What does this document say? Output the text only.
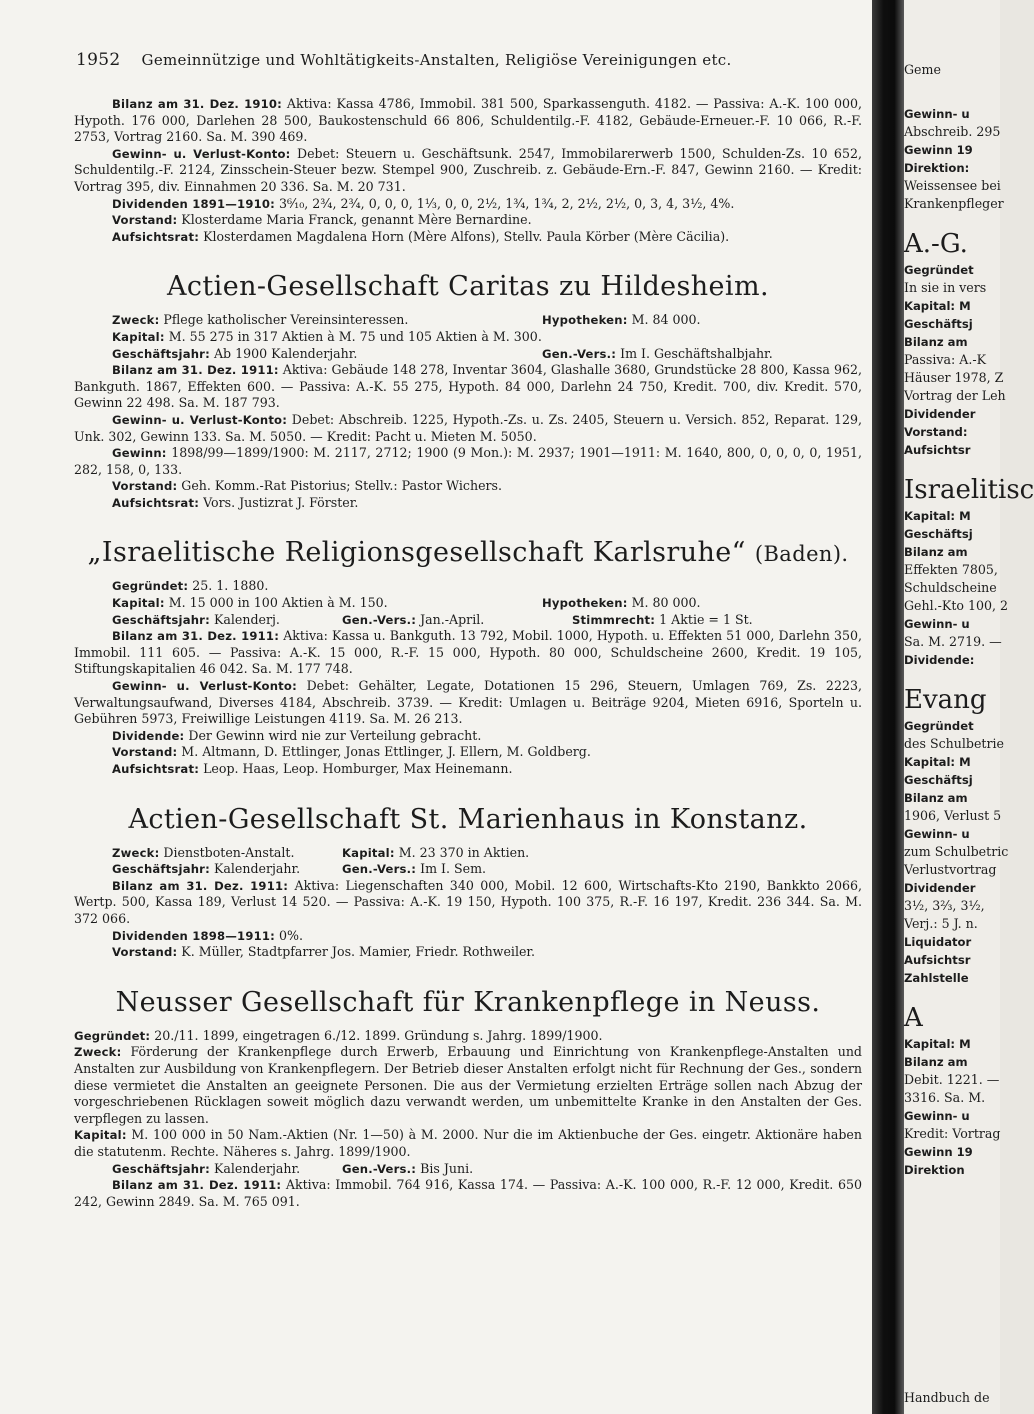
1952 Gemeinnützige und Wohltätigkeits-Anstalten, Religiöse Vereinigungen etc.

Bilanz am 31. Dez. 1910: Aktiva: Kassa 4786, Immobil. 381 500, Sparkassenguth. 4182. — Passiva: A.-K. 100 000, Hypoth. 176 000, Darlehen 28 500, Baukostenschuld 66 806, Schuldentilg.-F. 4182, Gebäude-Erneuer.-F. 10 066, R.-F. 2753, Vortrag 2160. Sa. M. 390 469.

Gewinn- u. Verlust-Konto: Debet: Steuern u. Geschäftsunk. 2547, Immobilarerwerb 1500, Schulden-Zs. 10 652, Schuldentilg.-F. 2124, Zinsschein-Steuer bezw. Stempel 900, Zuschreib. z. Gebäude-Ern.-F. 847, Gewinn 2160. — Kredit: Vortrag 395, div. Einnahmen 20 336. Sa. M. 20 731.

Dividenden 1891—1910: 3⁶⁄₁₀, 2³⁄₄, 2³⁄₄, 0, 0, 0, 1¹⁄₃, 0, 0, 2¹⁄₂, 1³⁄₄, 1³⁄₄, 2, 2¹⁄₂, 2¹⁄₂, 0, 3, 4, 3¹⁄₂, 4%.

Vorstand: Klosterdame Maria Franck, genannt Mère Bernardine.

Aufsichtsrat: Klosterdamen Magdalena Horn (Mère Alfons), Stellv. Paula Körber (Mère Cäcilia).

Actien-Gesellschaft Caritas zu Hildesheim.
Zweck: Pflege katholischer Vereinsinteressen.	Hypotheken: M. 84 000.

Kapital: M. 55 275 in 317 Aktien à M. 75 und 105 Aktien à M. 300.

Geschäftsjahr: Ab 1900 Kalenderjahr.	Gen.-Vers.: Im I. Geschäftshalbjahr.

Bilanz am 31. Dez. 1911: Aktiva: Gebäude 148 278, Inventar 3604, Glashalle 3680, Grundstücke 28 800, Kassa 962, Bankguth. 1867, Effekten 600. — Passiva: A.-K. 55 275, Hypoth. 84 000, Darlehn 24 750, Kredit. 700, div. Kredit. 570, Gewinn 22 498. Sa. M. 187 793.

Gewinn- u. Verlust-Konto: Debet: Abschreib. 1225, Hypoth.-Zs. u. Zs. 2405, Steuern u. Versich. 852, Reparat. 129, Unk. 302, Gewinn 133. Sa. M. 5050. — Kredit: Pacht u. Mieten M. 5050.

Gewinn: 1898/99—1899/1900: M. 2117, 2712; 1900 (9 Mon.): M. 2937; 1901—1911: M. 1640, 800, 0, 0, 0, 0, 1951, 282, 158, 0, 133.

Vorstand: Geh. Komm.-Rat Pistorius; Stellv.: Pastor Wichers.

Aufsichtsrat: Vors. Justizrat J. Förster.

„Israelitische Religionsgesellschaft Karlsruhe“ (Baden).

Gegründet: 25. 1. 1880.

Kapital: M. 15 000 in 100 Aktien à M. 150.	Hypotheken: M. 80 000.
Geschäftsjahr: Kalenderj.	Gen.-Vers.: Jan.-April.	Stimmrecht: 1 Aktie = 1 St.

Bilanz am 31. Dez. 1911: Aktiva: Kassa u. Bankguth. 13 792, Mobil. 1000, Hypoth. u. Effekten 51 000, Darlehn 350, Immobil. 111 605. — Passiva: A.-K. 15 000, R.-F. 15 000, Hypoth. 80 000, Schuldscheine 2600, Kredit. 19 105, Stiftungskapitalien 46 042. Sa. M. 177 748.

Gewinn- u. Verlust-Konto: Debet: Gehälter, Legate, Dotationen 15 296, Steuern, Umlagen 769, Zs. 2223, Verwaltungsaufwand, Diverses 4184, Abschreib. 3739. — Kredit: Umlagen u. Beiträge 9204, Mieten 6916, Sporteln u. Gebühren 5973, Freiwillige Leistungen 4119. Sa. M. 26 213.

Dividende: Der Gewinn wird nie zur Verteilung gebracht.

Vorstand: M. Altmann, D. Ettlinger, Jonas Ettlinger, J. Ellern, M. Goldberg.

Aufsichtsrat: Leop. Haas, Leop. Homburger, Max Heinemann.

Actien-Gesellschaft St. Marienhaus in Konstanz.
Zweck: Dienstboten-Anstalt.	Kapital: M. 23 370 in Aktien.
Geschäftsjahr: Kalenderjahr.	Gen.-Vers.: Im I. Sem.

Bilanz am 31. Dez. 1911: Aktiva: Liegenschaften 340 000, Mobil. 12 600, Wirtschafts-Kto 2190, Bankkto 2066, Wertp. 500, Kassa 189, Verlust 14 520. — Passiva: A.-K. 19 150, Hypoth. 100 375, R.-F. 16 197, Kredit. 236 344. Sa. M. 372 066.

Dividenden 1898—1911: 0%.

Vorstand: K. Müller, Stadtpfarrer Jos. Mamier, Friedr. Rothweiler.

Neusser Gesellschaft für Krankenpflege in Neuss.

Gegründet: 20./11. 1899, eingetragen 6./12. 1899. Gründung s. Jahrg. 1899/1900.

Zweck: Förderung der Krankenpflege durch Erwerb, Erbauung und Einrichtung von Krankenpflege-Anstalten und Anstalten zur Ausbildung von Krankenpflegern. Der Betrieb dieser Anstalten erfolgt nicht für Rechnung der Ges., sondern diese vermietet die Anstalten an geeignete Personen. Die aus der Vermietung erzielten Erträge sollen nach Abzug der vorgeschriebenen Rücklagen soweit möglich dazu verwandt werden, um unbemittelte Kranke in den Anstalten der Ges. verpflegen zu lassen.

Kapital: M. 100 000 in 50 Nam.-Aktien (Nr. 1—50) à M. 2000. Nur die im Aktienbuche der Ges. eingetr. Aktionäre haben die statutenm. Rechte. Näheres s. Jahrg. 1899/1900.

Geschäftsjahr: Kalenderjahr.	Gen.-Vers.: Bis Juni.

Bilanz am 31. Dez. 1911: Aktiva: Immobil. 764 916, Kassa 174. — Passiva: A.-K. 100 000, R.-F. 12 000, Kredit. 650 242, Gewinn 2849. Sa. M. 765 091.

Geme
Gewinn- u
Abschreib. 295
Gewinn 19
Direktion:
Weissensee bei
Krankenpfleger
A.-G.
Gegründet
In sie in vers
Kapital: M
Geschäftsj
Bilanz am
Passiva: A.-K
Häuser 1978, Z
Vortrag der Leh
Dividender
Vorstand:
Aufsichtsr
Israelitisc
Kapital: M
Geschäftsj
Bilanz am
Effekten 7805,
Schuldscheine
Gehl.-Kto 100, 2
Gewinn- u
Sa. M. 2719. —
Dividende:
Evang
Gegründet
des Schulbetrie
Kapital: M
Geschäftsj
Bilanz am
1906, Verlust 5
Gewinn- u
zum Schulbetric
Verlustvortrag
Dividender
3¹⁄₂, 3²⁄₃, 3¹⁄₂,
Verj.: 5 J. n.
Liquidator
Aufsichtsr
Zahlstelle
A
Kapital: M
Bilanz am
Debit. 1221. —
3316. Sa. M.
Gewinn- u
Kredit: Vortrag
Gewinn 19
Direktion
Handbuch de
